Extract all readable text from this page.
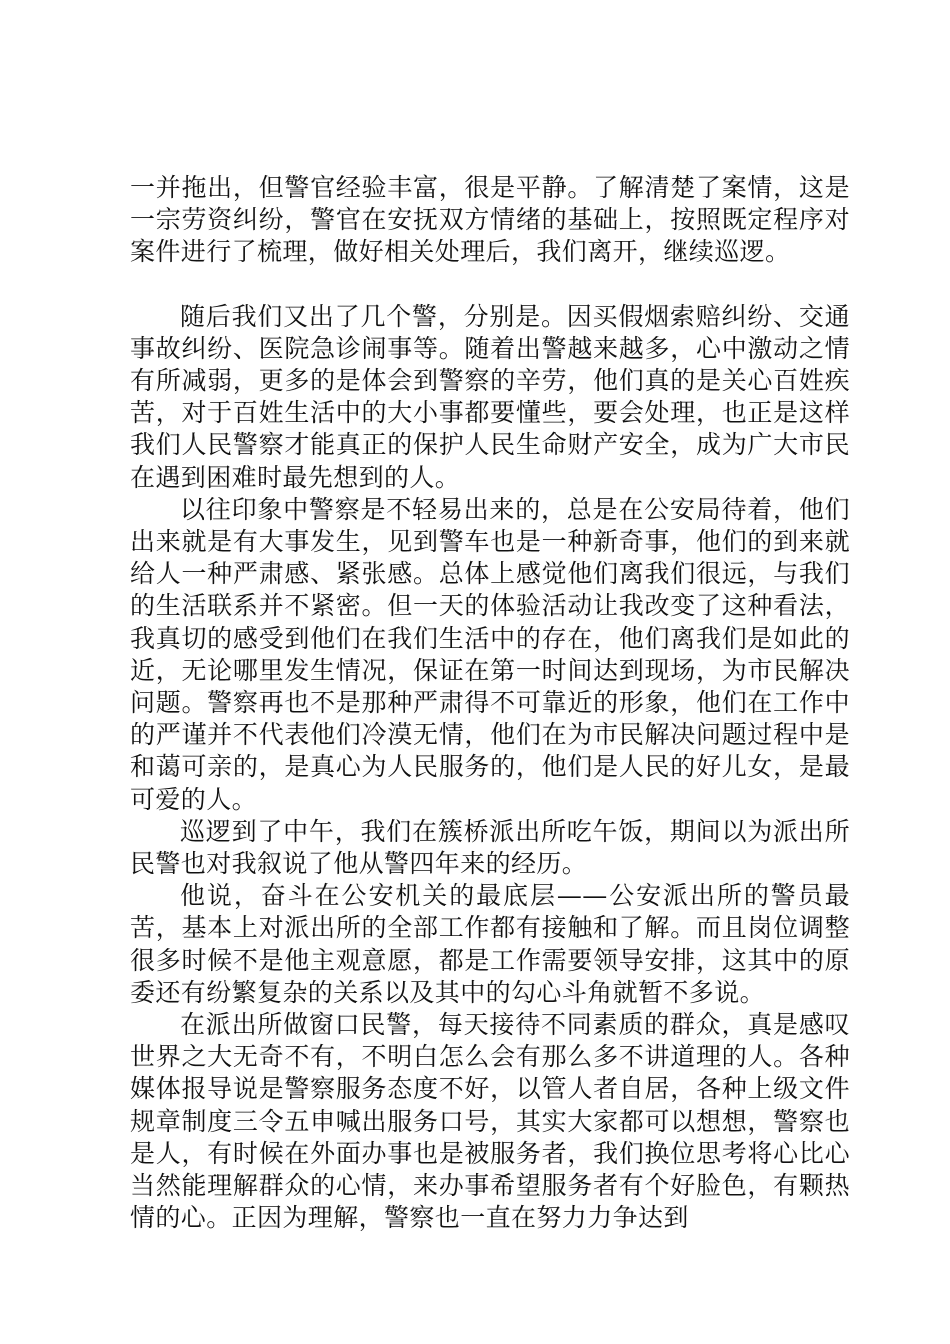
一并拖出，但警官经验丰富，很是平静。了解清楚了案情，这是一宗劳资纠纷，警官在安抚双方情绪的基础上，按照既定程序对案件进行了梳理，做好相关处理后，我们离开，继续巡逻。

随后我们又出了几个警，分别是。因买假烟索赔纠纷、交通事故纠纷、医院急诊闹事等。随着出警越来越多，心中激动之情有所减弱，更多的是体会到警察的辛劳，他们真的是关心百姓疾苦，对于百姓生活中的大小事都要懂些，要会处理，也正是这样我们人民警察才能真正的保护人民生命财产安全，成为广大市民在遇到困难时最先想到的人。

以往印象中警察是不轻易出来的，总是在公安局待着，他们出来就是有大事发生，见到警车也是一种新奇事，他们的到来就给人一种严肃感、紧张感。总体上感觉他们离我们很远，与我们的生活联系并不紧密。但一天的体验活动让我改变了这种看法，我真切的感受到他们在我们生活中的存在，他们离我们是如此的近，无论哪里发生情况，保证在第一时间达到现场，为市民解决问题。警察再也不是那种严肃得不可靠近的形象，他们在工作中的严谨并不代表他们冷漠无情，他们在为市民解决问题过程中是和蔼可亲的，是真心为人民服务的，他们是人民的好儿女，是最可爱的人。

巡逻到了中午，我们在簇桥派出所吃午饭，期间以为派出所民警也对我叙说了他从警四年来的经历。

他说，奋斗在公安机关的最底层——公安派出所的警员最苦，基本上对派出所的全部工作都有接触和了解。而且岗位调整很多时候不是他主观意愿，都是工作需要领导安排，这其中的原委还有纷繁复杂的关系以及其中的勾心斗角就暂不多说。

在派出所做窗口民警，每天接待不同素质的群众，真是感叹世界之大无奇不有，不明白怎么会有那么多不讲道理的人。各种媒体报导说是警察服务态度不好，以管人者自居，各种上级文件规章制度三令五申喊出服务口号，其实大家都可以想想，警察也是人，有时候在外面办事也是被服务者，我们换位思考将心比心当然能理解群众的心情，来办事希望服务者有个好脸色，有颗热情的心。正因为理解，警察也一直在努力力争达到
